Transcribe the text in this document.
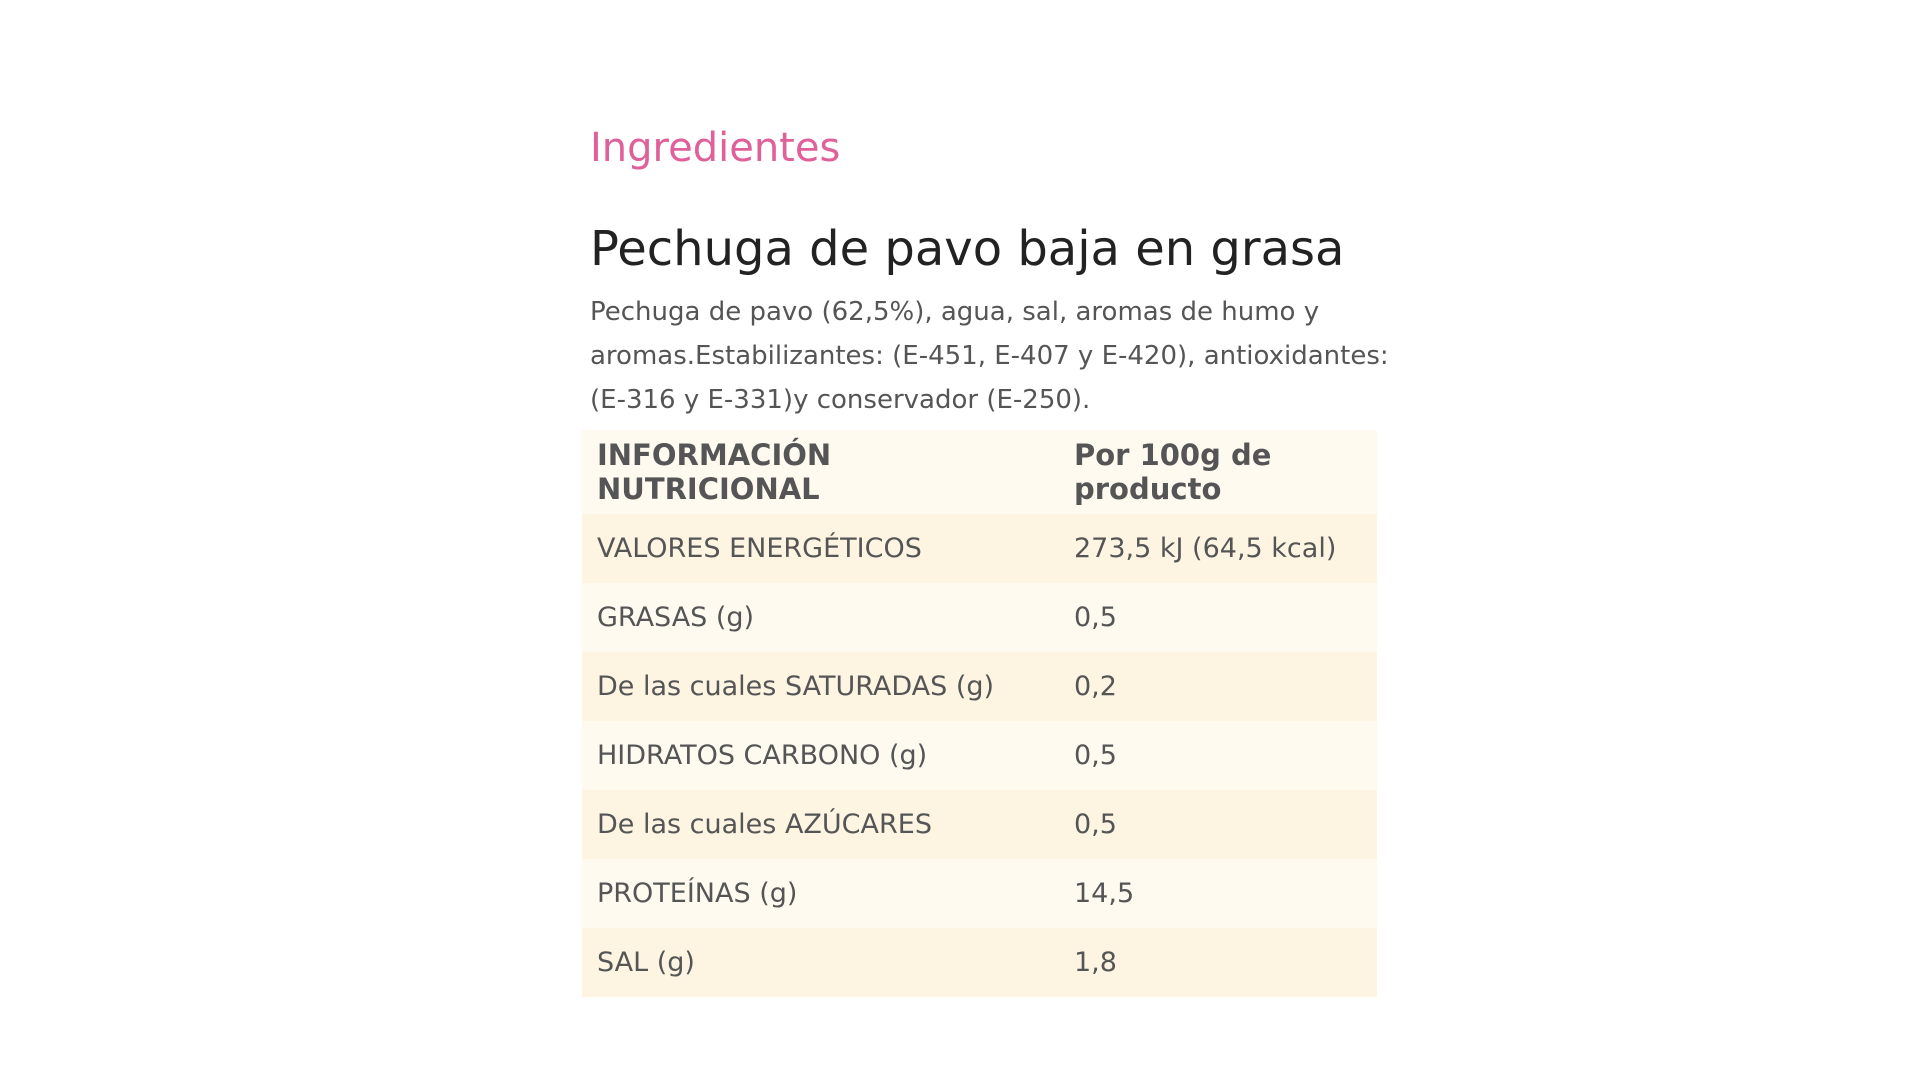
Ingredientes
Pechuga de pavo baja en grasa

Pechuga de pavo (62,5%), agua, sal, aromas de humo y aromas.Estabilizantes: (E-451, E-407 y E-420), antioxidantes: (E-316 y E-331)y conservador (E-250).

INFORMACIÓN NUTRICIONAL	Por 100g de producto
VALORES ENERGÉTICOS	273,5 kJ (64,5 kcal)
GRASAS (g)	0,5
De las cuales SATURADAS (g)	0,2
HIDRATOS CARBONO (g)	0,5
De las cuales AZÚCARES	0,5
PROTEÍNAS (g)	14,5
SAL (g)	1,8
